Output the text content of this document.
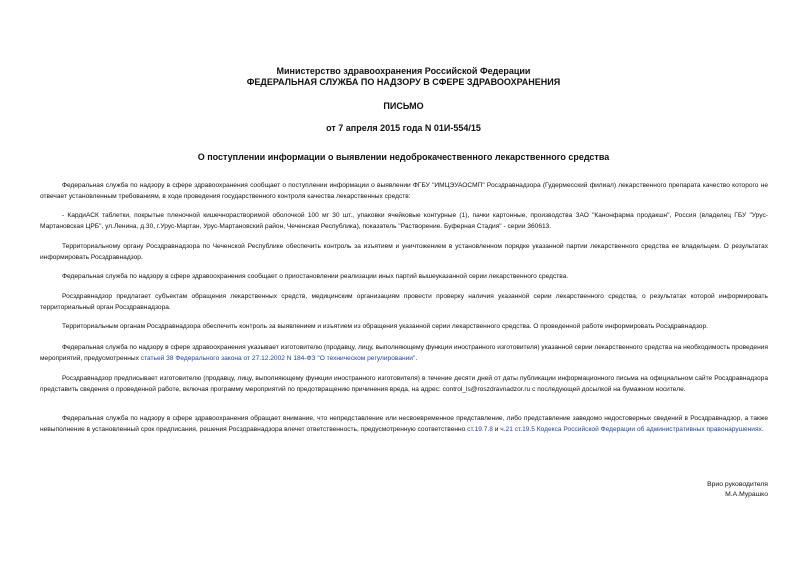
Министерство здравоохранения Российской Федерации
ФЕДЕРАЛЬНАЯ СЛУЖБА ПО НАДЗОРУ В СФЕРЕ ЗДРАВООХРАНЕНИЯ
ПИСЬМО
от 7 апреля 2015 года N 01И-554/15
О поступлении информации о выявлении недоброкачественного лекарственного средства
Федеральная служба по надзору в сфере здравоохранения сообщает о поступлении информации о выявлении ФГБУ "ИМЦЭУАОСМП" Росздравнадзора (Гудермесский филиал) лекарственного препарата качество которого не отвечает установленным требованиям, в ходе проведения государственного контроля качества лекарственных средств:
- КардиАСК таблетки, покрытые пленочной кишечнорастворимой оболочкой 100 мг 30 шт., упаковки ячейковые контурные (1), пачки картонные, производства ЗАО "Канонфарма продакшн", Россия (владелец ГБУ "Урус-Мартановская ЦРБ", ул.Ленина, д.30, г.Урус-Мартан, Урус-Мартановский район, Чеченская Республика), показатель "Растворение. Буферная Стадия" - серии 360613.
Территориальному органу Росздравнадзора по Чеченской Республике обеспечить контроль за изъятием и уничтожением в установленном порядке указанной партии лекарственного средства ее владельцем. О результатах информировать Росздравнадзор.
Федеральная служба по надзору в сфере здравоохранения сообщает о приостановлении реализации иных партий вышеуказанной серии лекарственного средства.
Росздравнадзор предлагает субъектам обращения лекарственных средств, медицинским организациям провести проверку наличия указанной серии лекарственного средства, о результатах которой информировать территориальный орган Росздравнадзора.
Территориальным органам Росздравнадзора обеспечить контроль за выявлением и изъятием из обращения указанной серии лекарственного средства. О проведенной работе информировать Росздравнадзор.
Федеральная служба по надзору в сфере здравоохранения указывает изготовителю (продавцу, лицу, выполняющему функции иностранного изготовителя) указанной серии лекарственного средства на необходимость проведения мероприятий, предусмотренных статьей 38 Федерального закона от 27.12.2002 N 184-ФЗ "О техническом регулировании".
Росздравнадзор предписывает изготовителю (продавцу, лицу, выполняющему функции иностранного изготовителя) в течение десяти дней от даты публикации информационного письма на официальном сайте Росздравнадзора представить сведения о проведенной работе, включая программу мероприятий по предотвращению причинения вреда, на адрес: control_ls@roszdravnadzor.ru с последующей досылкой на бумажном носителе.
Федеральная служба по надзору в сфере здравоохранения обращает внимание, что непредставление или несвоевременное представление, либо представление заведомо недостоверных сведений в Росздравнадзор, а также невыполнение в установленный срок предписания, решения Росздравнадзора влечет ответственность, предусмотренную соответственно ст.19.7.8 и ч.21 ст.19.5 Кодекса Российской Федерации об административных правонарушениях.
Врио руководителя
М.А.Мурашко
